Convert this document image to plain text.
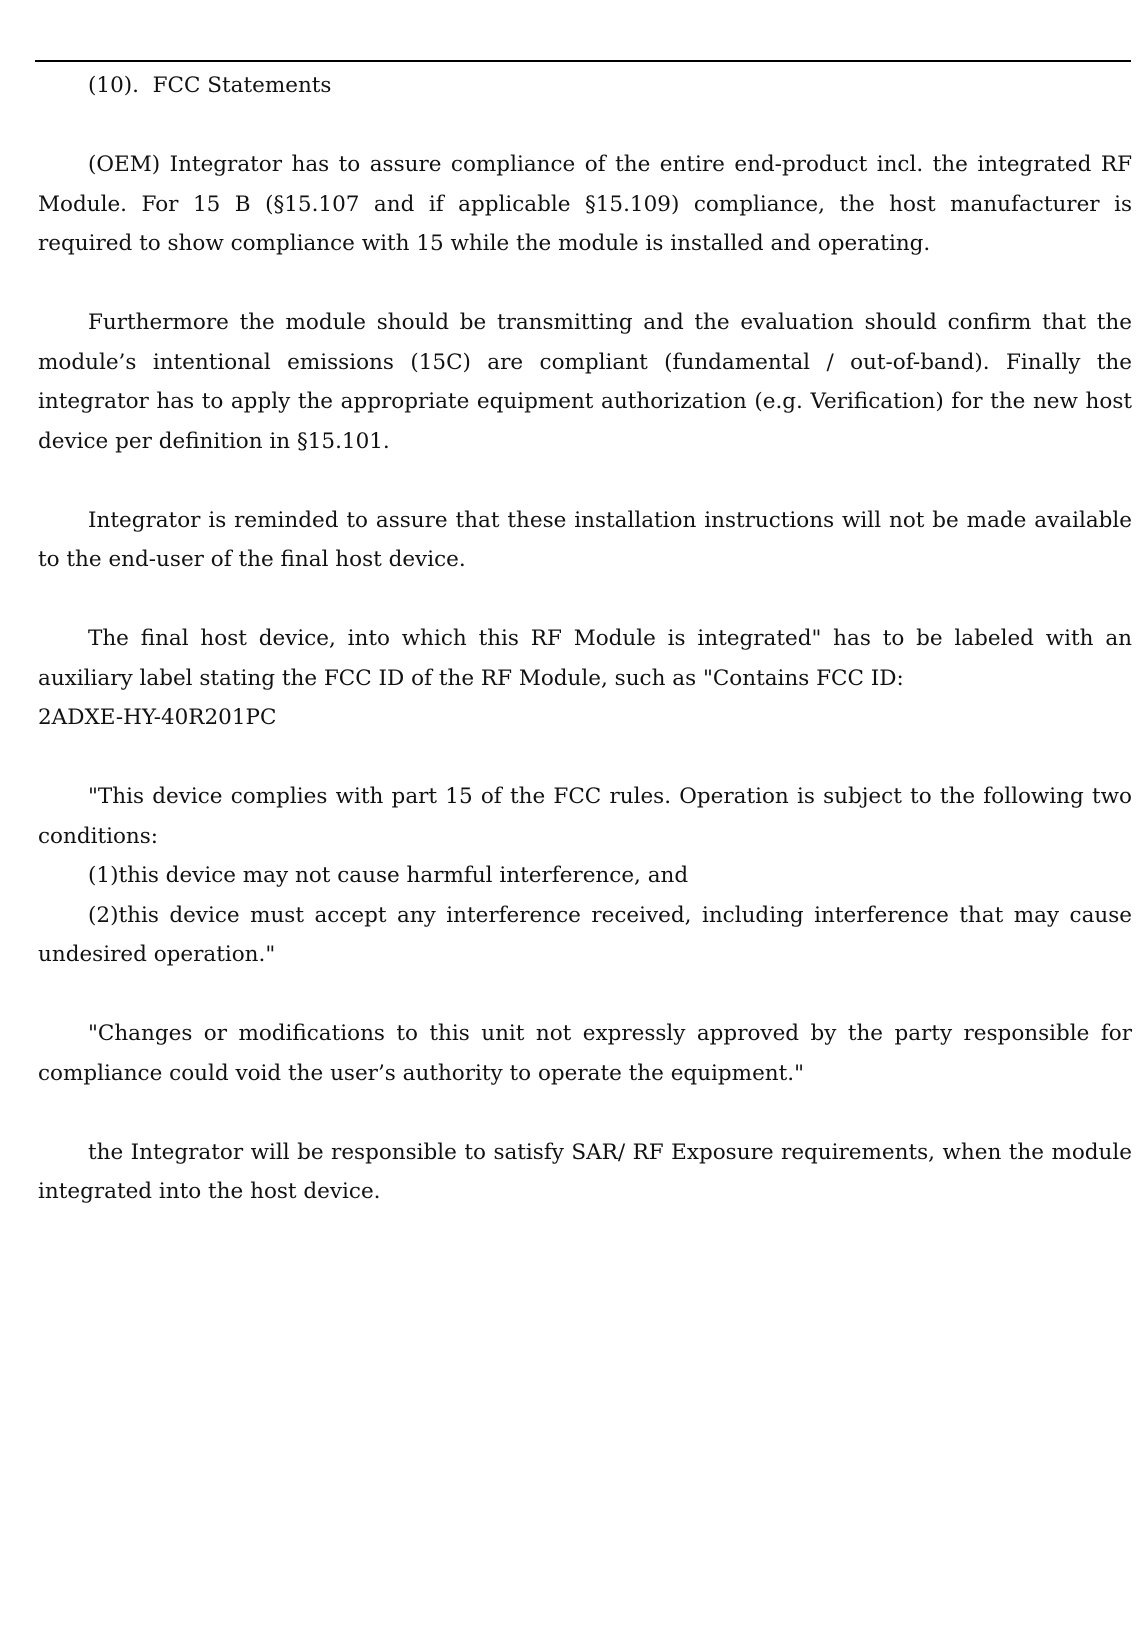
(10).  FCC Statements

(OEM) Integrator has to assure compliance of the entire end-product incl. the integrated RF Module. For 15 B (§15.107 and if applicable §15.109) compliance, the host manufacturer is required to show compliance with 15 while the module is installed and operating.

Furthermore the module should be transmitting and the evaluation should confirm that the module’s intentional emissions (15C) are compliant (fundamental / out-of-band). Finally the integrator has to apply the appropriate equipment authorization (e.g. Verification) for the new host device per definition in §15.101.

Integrator is reminded to assure that these installation instructions will not be made available to the end-user of the final host device.

The final host device, into which this RF Module is integrated" has to be labeled with an auxiliary label stating the FCC ID of the RF Module, such as "Contains FCC ID:
2ADXE-HY-40R201PC

"This device complies with part 15 of the FCC rules. Operation is subject to the following two conditions:

(1)this device may not cause harmful interference, and

(2)this device must accept any interference received, including interference that may cause undesired operation."

"Changes or modifications to this unit not expressly approved by the party responsible for compliance could void the user’s authority to operate the equipment."

the Integrator will be responsible to satisfy SAR/ RF Exposure requirements, when the module integrated into the host device.
